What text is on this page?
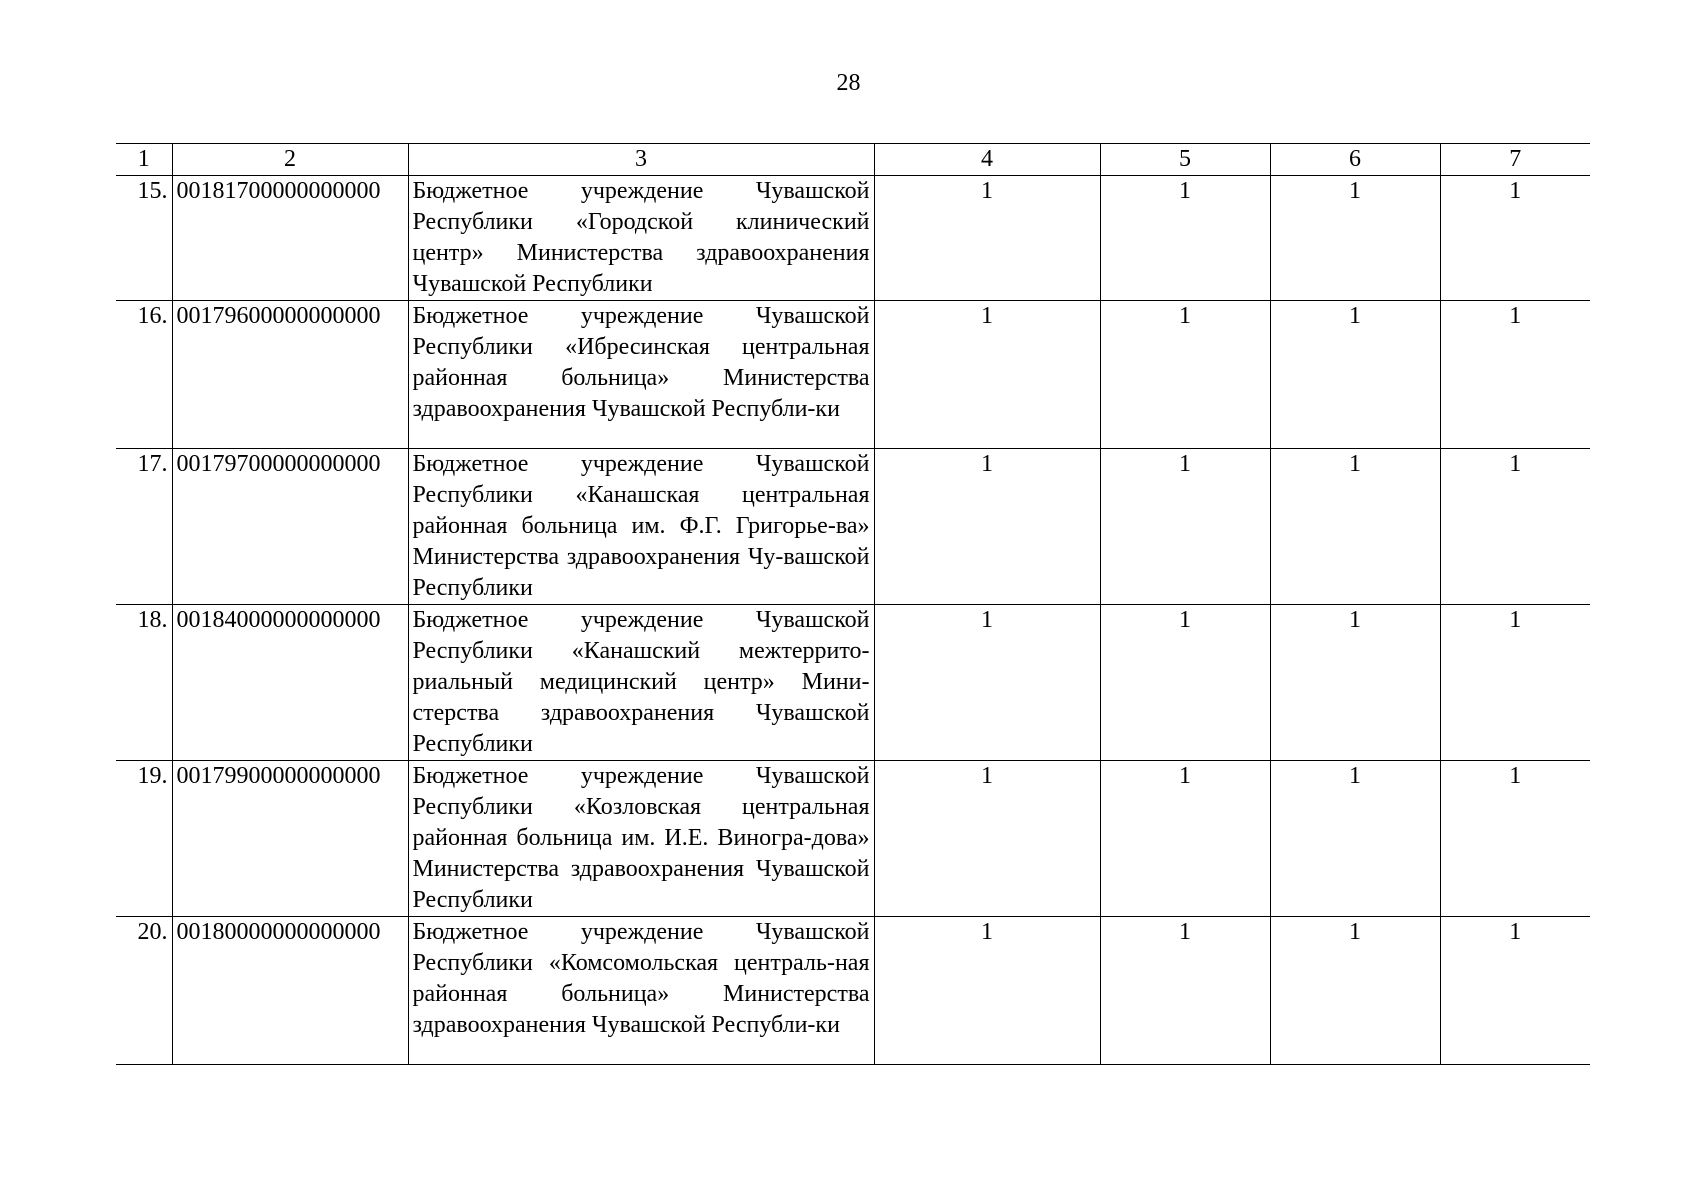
28
1	2	3	4	5	6	7
15.	00181700000000000	Бюджетное учреждение Чувашской Республики «Городской клинический центр» Министерства здравоохранения Чувашской Республики	1	1	1	1
16.	00179600000000000	Бюджетное учреждение Чувашской Республики «Ибресинская центральная районная больница» Министерства здравоохранения Чувашской Республи-ки	1	1	1	1
17.	00179700000000000	Бюджетное учреждение Чувашской Республики «Канашская центральная районная больница им. Ф.Г. Григорье-ва» Министерства здравоохранения Чу-вашской Республики	1	1	1	1
18.	00184000000000000	Бюджетное учреждение Чувашской Республики «Канашский межтеррито-риальный медицинский центр» Мини-стерства здравоохранения Чувашской Республики	1	1	1	1
19.	00179900000000000	Бюджетное учреждение Чувашской Республики «Козловская центральная районная больница им. И.Е. Виногра-дова» Министерства здравоохранения Чувашской Республики	1	1	1	1
20.	00180000000000000	Бюджетное учреждение Чувашской Республики «Комсомольская централь-ная районная больница» Министерства здравоохранения Чувашской Республи-ки	1	1	1	1
